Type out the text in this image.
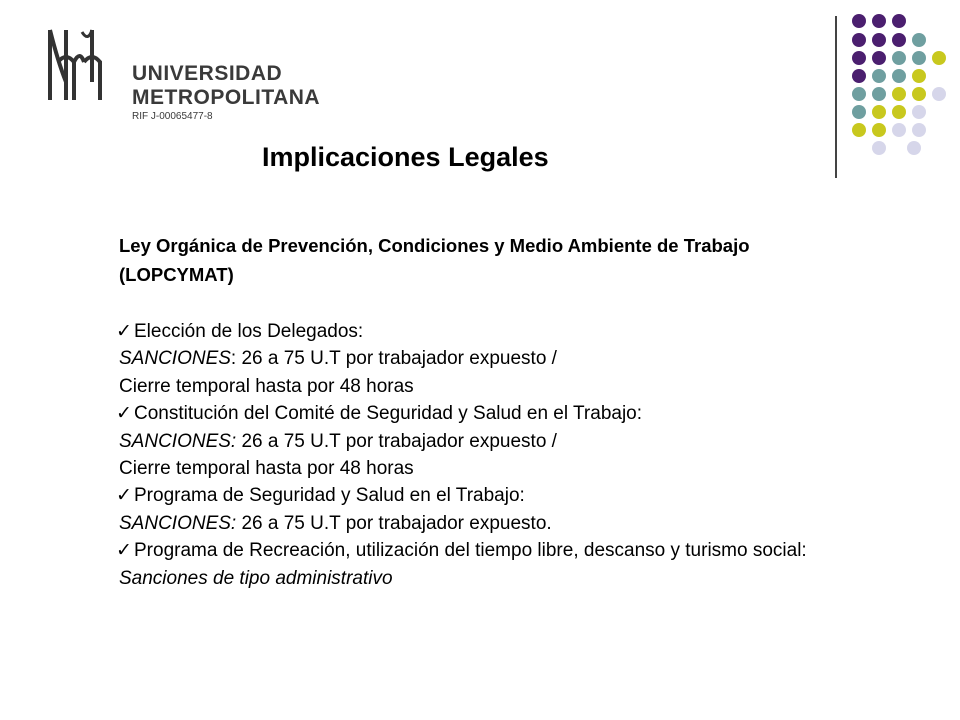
UNIVERSIDAD
METROPOLITANA
RIF J-00065477-8
Implicaciones Legales
Ley Orgánica de Prevención, Condiciones y Medio Ambiente de Trabajo (LOPCYMAT)
✓ Elección de los Delegados:
SANCIONES: 26 a 75 U.T por trabajador expuesto /
Cierre temporal hasta por 48 horas
✓ Constitución del Comité de Seguridad y Salud en el Trabajo:
SANCIONES: 26 a 75 U.T por trabajador expuesto /
Cierre temporal hasta por 48 horas
✓ Programa de Seguridad y Salud en el Trabajo:
SANCIONES: 26 a 75 U.T por trabajador expuesto.
✓ Programa de Recreación, utilización del tiempo libre, descanso y turismo social:
Sanciones de tipo administrativo
